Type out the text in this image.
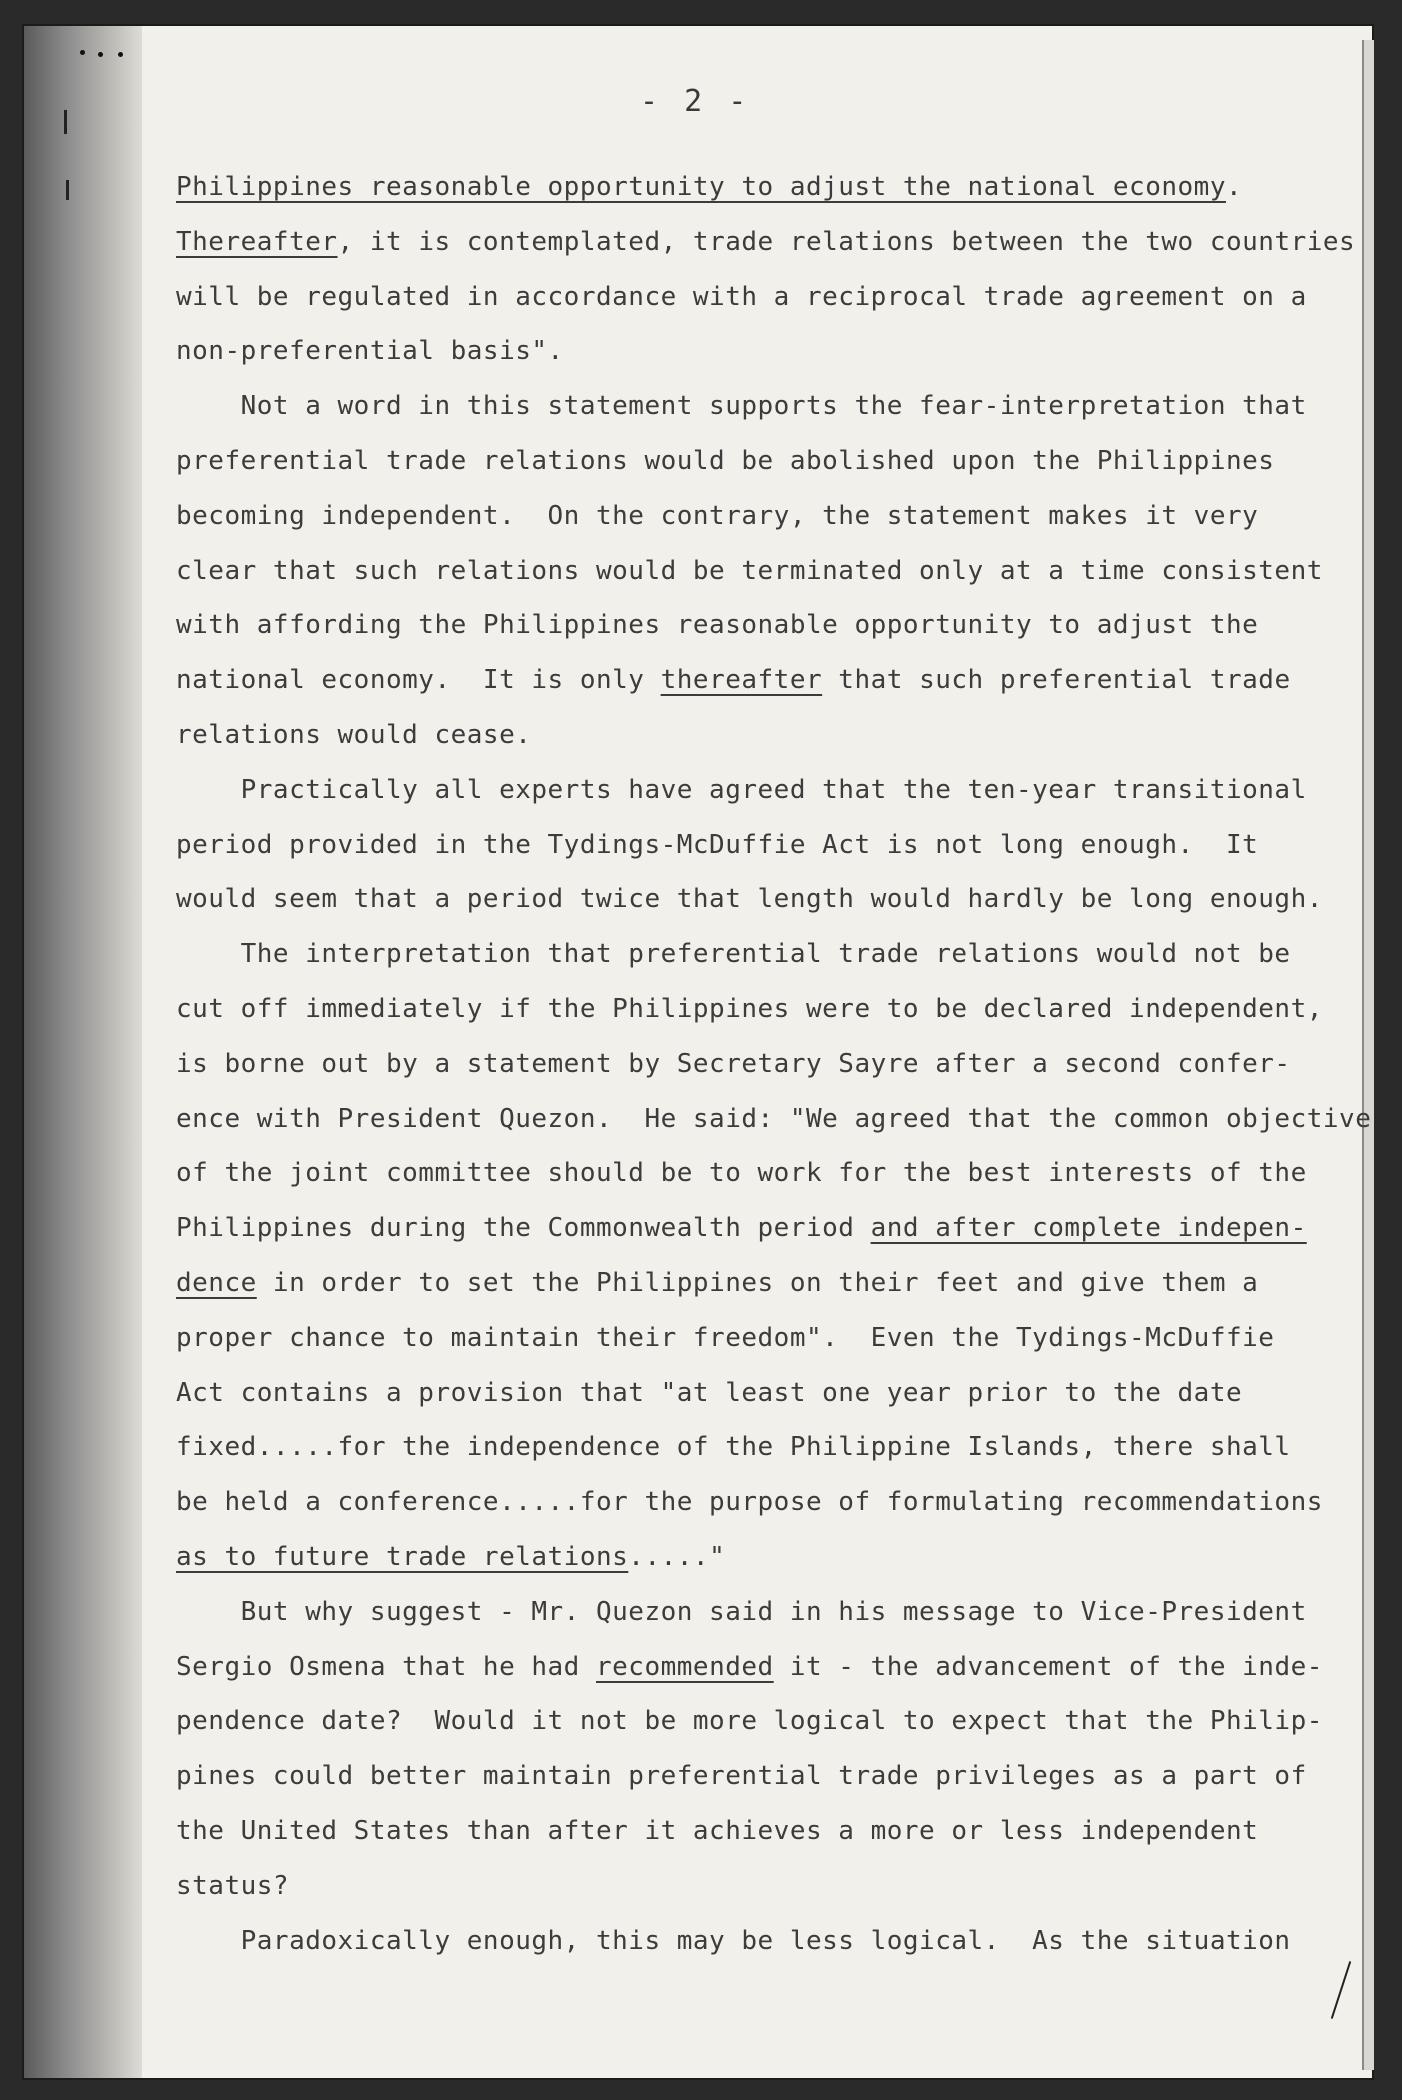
- 2 -
Philippines reasonable opportunity to adjust the national economy.
Thereafter, it is contemplated, trade relations between the two countries
will be regulated in accordance with a reciprocal trade agreement on a
non-preferential basis".
Not a word in this statement supports the fear-interpretation that
preferential trade relations would be abolished upon the Philippines
becoming independent.  On the contrary, the statement makes it very
clear that such relations would be terminated only at a time consistent
with affording the Philippines reasonable opportunity to adjust the
national economy.  It is only thereafter that such preferential trade
relations would cease.
Practically all experts have agreed that the ten-year transitional
period provided in the Tydings-McDuffie Act is not long enough.  It
would seem that a period twice that length would hardly be long enough.
The interpretation that preferential trade relations would not be
cut off immediately if the Philippines were to be declared independent,
is borne out by a statement by Secretary Sayre after a second confer-
ence with President Quezon.  He said: "We agreed that the common objective
of the joint committee should be to work for the best interests of the
Philippines during the Commonwealth period and after complete indepen-
dence in order to set the Philippines on their feet and give them a
proper chance to maintain their freedom".  Even the Tydings-McDuffie
Act contains a provision that "at least one year prior to the date
fixed.....for the independence of the Philippine Islands, there shall
be held a conference.....for the purpose of formulating recommendations
as to future trade relations....."
But why suggest - Mr. Quezon said in his message to Vice-President
Sergio Osmena that he had recommended it - the advancement of the inde-
pendence date?  Would it not be more logical to expect that the Philip-
pines could better maintain preferential trade privileges as a part of
the United States than after it achieves a more or less independent
status?
Paradoxically enough, this may be less logical.  As the situation
